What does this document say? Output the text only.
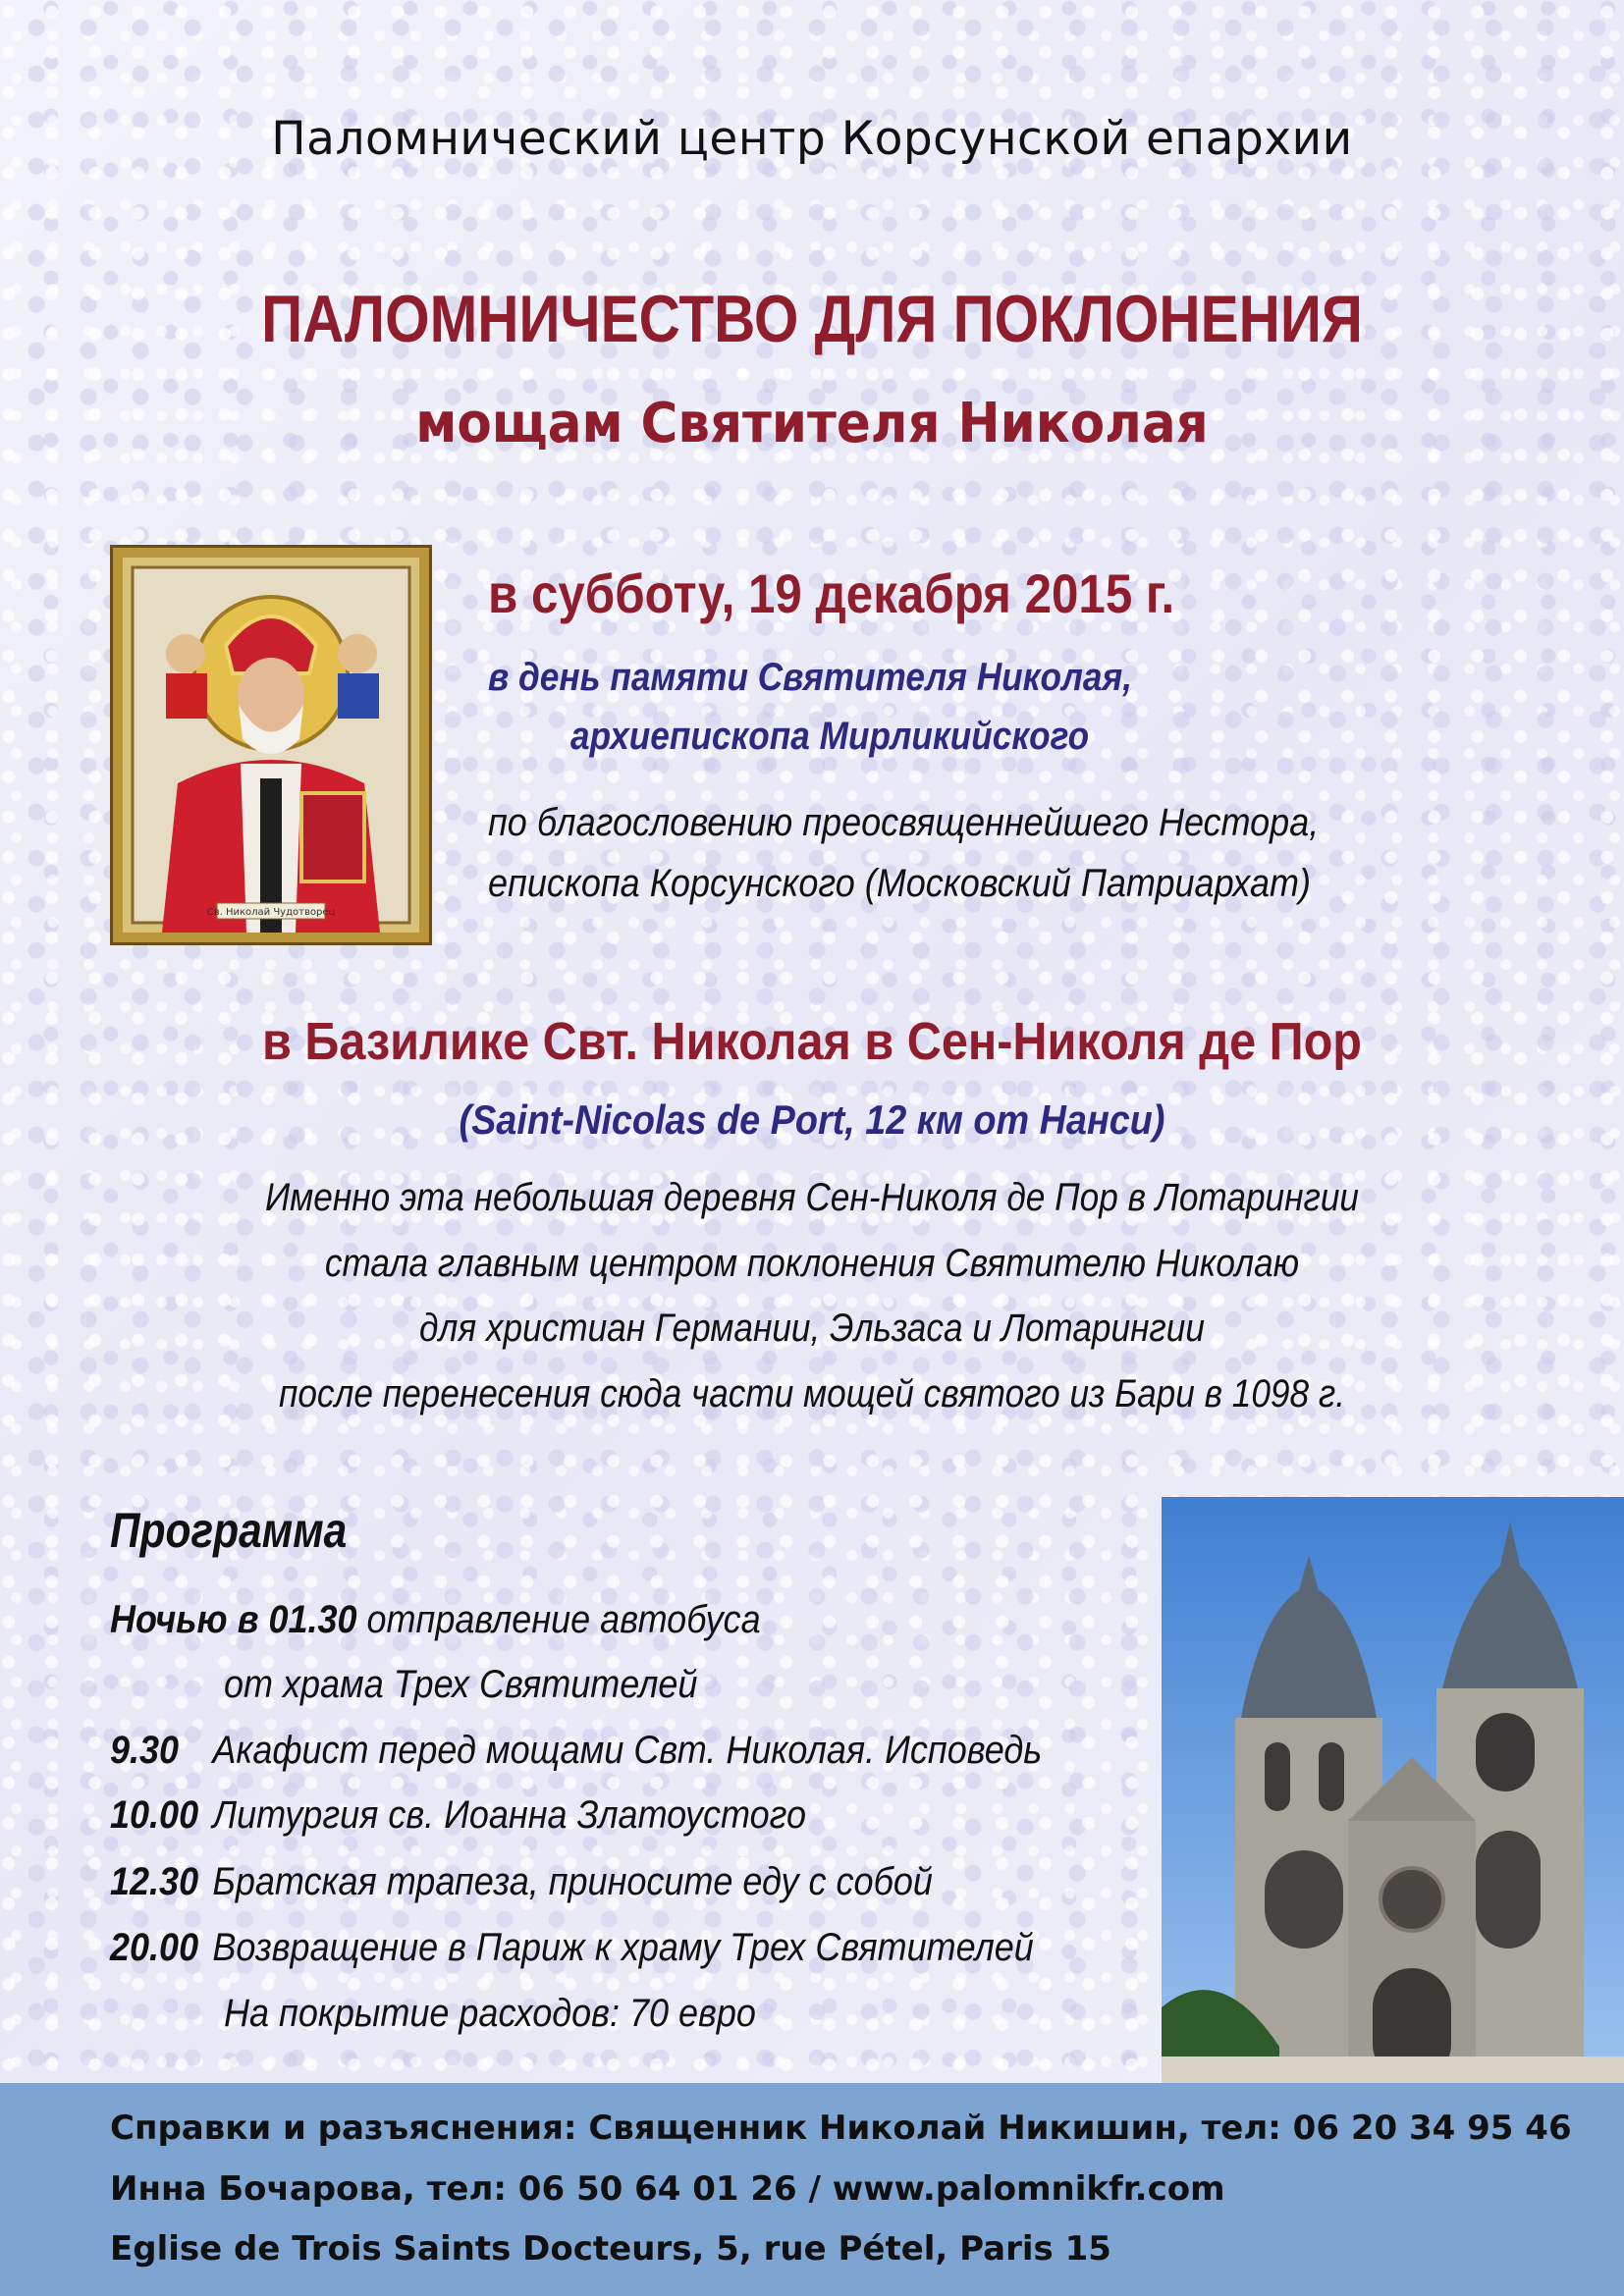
Паломнический центр Корсунской епархии

ПАЛОМНИЧЕСТВО ДЛЯ ПОКЛОНЕНИЯ

мощам Святителя Николая

Св. Николай Чудотворец

в субботу, 19 декабря 2015 г.

в день памяти Святителя Николая,

архиепископа Мирликийского

по благословению преосвященнейшего Нестора,

епископа Корсунского (Московский Патриархат)

в Базилике Свт. Николая в Сен-Николя де Пор

(Saint-Nicolas de Port, 12 км от Нанси)

Именно эта небольшая деревня Сен-Николя де Пор в Лотарингии

стала главным центром поклонения Святителю Николаю

для христиан Германии, Эльзаса и Лотарингии

после перенесения сюда части мощей святого из Бари в 1098 г.

Программа

Ночью в 01.30 отправление автобуса

от храма Трех Святителей

9.30 Акафист перед мощами Свт. Николая. Исповедь

10.00 Литургия св. Иоанна Златоустого

12.30 Братская трапеза, приносите еду с собой

20.00 Возвращение в Париж к храму Трех Святителей

На покрытие расходов: 70 евро

Справки и разъяснения: Священник Николай Никишин, тел: 06 20 34 95 46

Инна Бочарова, тел: 06 50 64 01 26 / www.palomnikfr.com

Eglise de Trois Saints Docteurs, 5, rue Pétel, Paris 15
